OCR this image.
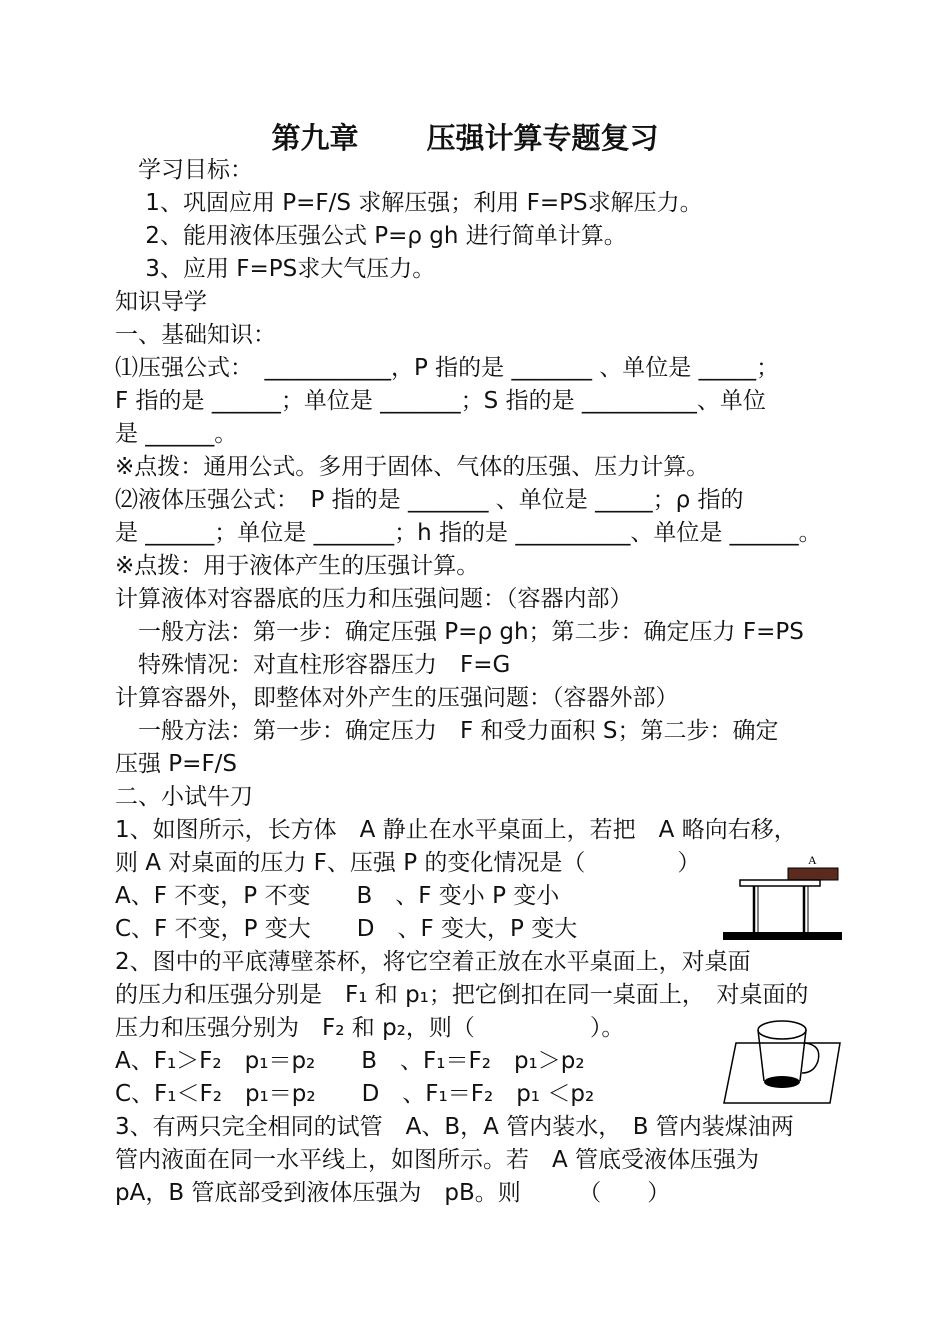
第九章　　 压强计算专题复习
　学习目标：
　 1、巩固应用 P=F/S 求解压强；利用 F=PS求解压力。
　 2、能用液体压强公式 P=ρ gh 进行简单计算。
　 3、应用 F=PS求大气压力。
知识导学
一、基础知识：
⑴压强公式：　___________，P 指的是 _______ 、单位是 _____；
F 指的是 ______；单位是 _______；S 指的是 __________、单位
是 ______。
※点拨：通用公式。多用于固体、气体的压强、压力计算。
⑵液体压强公式：　P 指的是 _______ 、单位是 _____；ρ 指的
是 ______；单位是 _______；h 指的是 __________、单位是 ______。
※点拨：用于液体产生的压强计算。
计算液体对容器底的压力和压强问题：（容器内部）
　一般方法：第一步：确定压强 P=ρ gh；第二步：确定压力 F=PS
　特殊情况：对直柱形容器压力　F=G
计算容器外，即整体对外产生的压强问题：（容器外部）
　一般方法：第一步：确定压力　F 和受力面积 S；第二步：确定
压强 P=F/S
二、小试牛刀
1、如图所示，长方体　A 静止在水平桌面上，若把　A 略向右移，
则 A 对桌面的压力 F、压强 P 的变化情况是（　　　　）
A、F 不变，P 不变　　B　、F 变小 P 变小
C、F 不变，P 变大　　D　、F 变大，P 变大
2、图中的平底薄壁茶杯，将它空着正放在水平桌面上，对桌面
的压力和压强分别是　F₁ 和 p₁；把它倒扣在同一桌面上，　对桌面的
压力和压强分别为　F₂ 和 p₂，则（　　　　　）。
A、F₁＞F₂　p₁＝p₂　　B　、F₁＝F₂　p₁＞p₂
C、F₁＜F₂　p₁＝p₂　　D　、F₁＝F₂　p₁ ＜p₂
3、有两只完全相同的试管　A、B，A 管内装水，　B 管内装煤油两
管内液面在同一水平线上，如图所示。若　A 管底受液体压强为
pA，B 管底部受到液体压强为　pB。则　　　（　　）
A
